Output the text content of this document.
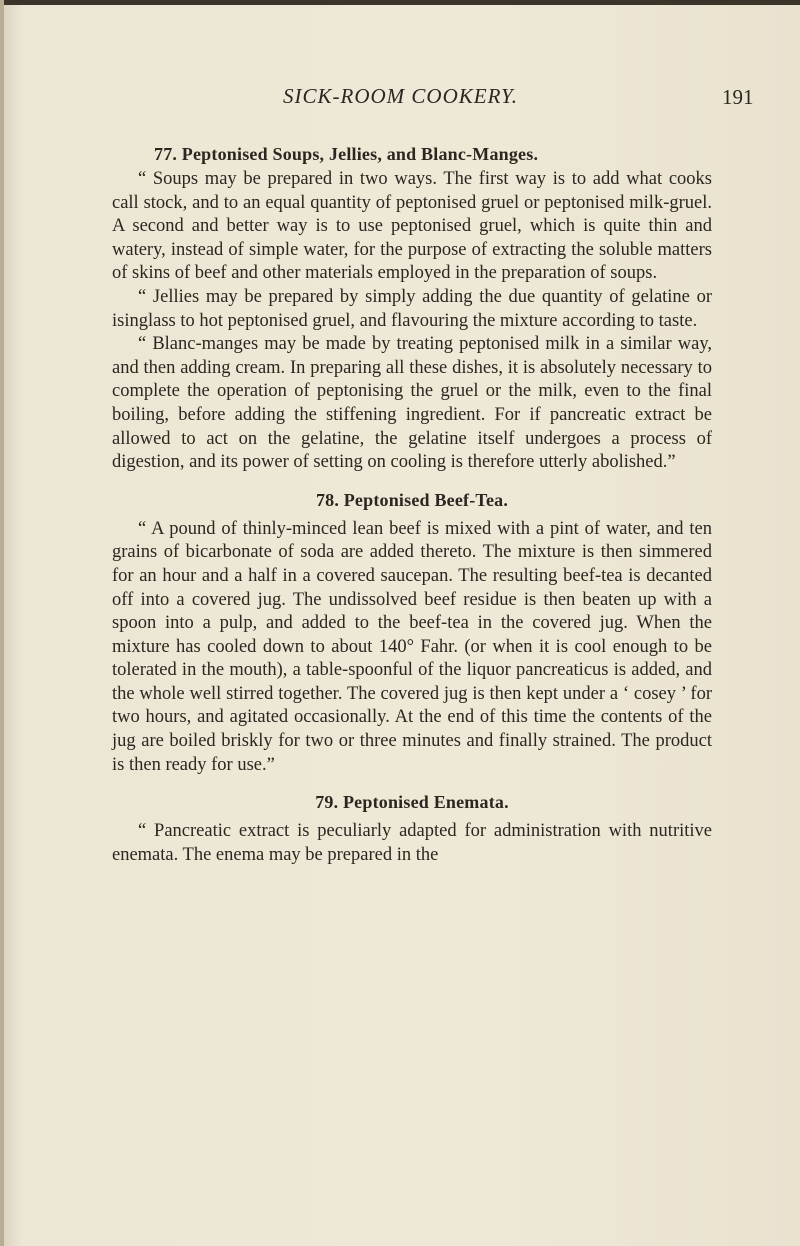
SICK-ROOM COOKERY.	191
77. Peptonised Soups, Jellies, and Blanc-Manges.

“ Soups may be prepared in two ways. The first way is to add what cooks call stock, and to an equal quantity of peptonised gruel or peptonised milk-gruel. A second and better way is to use peptonised gruel, which is quite thin and watery, instead of simple water, for the purpose of extracting the soluble matters of skins of beef and other materials employed in the preparation of soups.

“ Jellies may be prepared by simply adding the due quantity of gelatine or isinglass to hot peptonised gruel, and flavouring the mixture according to taste.

“ Blanc-manges may be made by treating peptonised milk in a similar way, and then adding cream. In preparing all these dishes, it is absolutely necessary to complete the operation of peptonising the gruel or the milk, even to the final boiling, before adding the stiffening ingredient. For if pancreatic extract be allowed to act on the gelatine, the gelatine itself undergoes a process of digestion, and its power of setting on cooling is therefore utterly abolished.”

78. Peptonised Beef-Tea.

“ A pound of thinly-minced lean beef is mixed with a pint of water, and ten grains of bicarbonate of soda are added thereto. The mixture is then simmered for an hour and a half in a covered saucepan. The resulting beef-tea is decanted off into a covered jug. The undissolved beef residue is then beaten up with a spoon into a pulp, and added to the beef-tea in the covered jug. When the mixture has cooled down to about 140° Fahr. (or when it is cool enough to be tolerated in the mouth), a table-spoonful of the liquor pancreaticus is added, and the whole well stirred together. The covered jug is then kept under a ‘ cosey ’ for two hours, and agitated occasionally. At the end of this time the contents of the jug are boiled briskly for two or three minutes and finally strained. The product is then ready for use.”

79. Peptonised Enemata.

“ Pancreatic extract is peculiarly adapted for administration with nutritive enemata. The enema may be prepared in the
